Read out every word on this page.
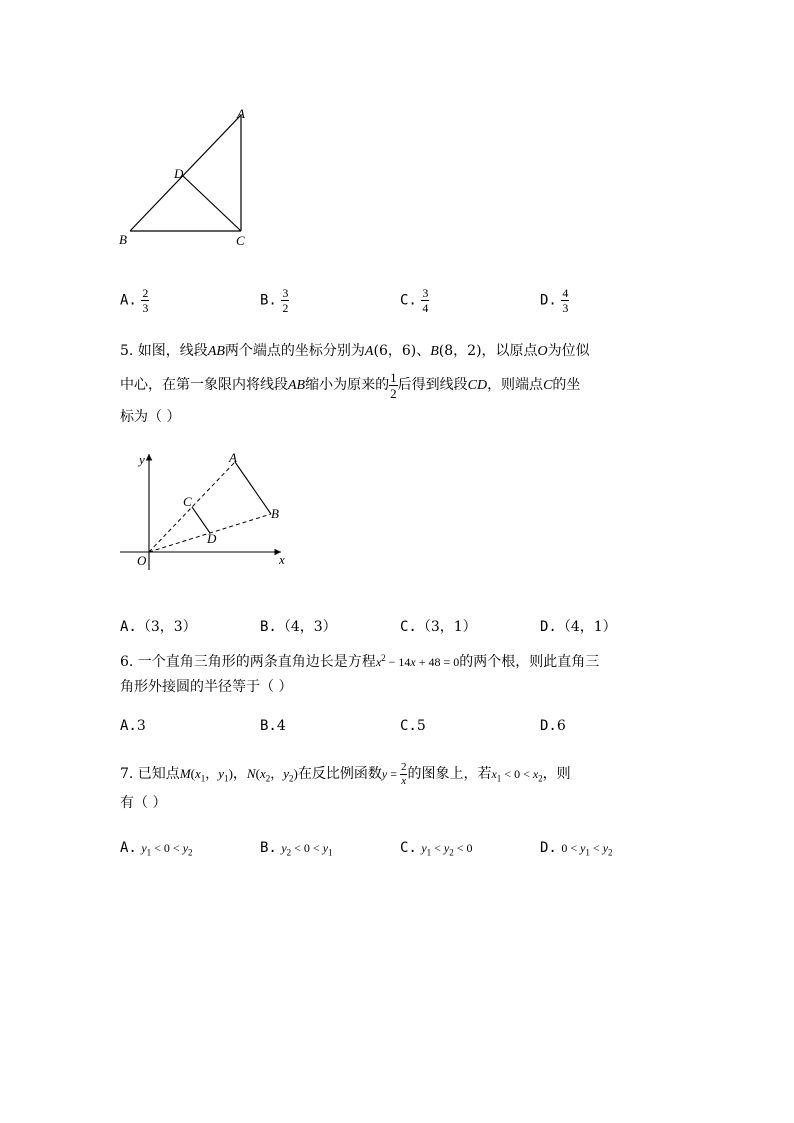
A
B	C
D
A. $\frac{2}{3}$	B. $\frac{3}{2}$	C. $\frac{3}{4}$	D. $\frac{4}{3}$
5. 如图，线段AB两个端点的坐标分别为A(6，6)、B(8，2)，以原点O为位似
中心，在第一象限内将线段AB缩小为原来的 $\frac{1}{2}$ 后得到线段CD，则端点C的坐
标为（ ）
y
x
O
A
B
C
D
A.（3，3）	B.（4，3）	C.（3，1）	D.（4，1）
6. 一个直角三角形的两条直角边长是方程$x^2 - 14x + 48 = 0$的两个根，则此直角三
角形外接圆的半径等于（ ）
A.3	B.4	C.5	D.6
7. 已知点$M(x_1$，$y_1$)，$N(x_2$，$y_2$)在反比例函数$y = \frac{2}{x}$ 的图象上，若$x_1 < 0 < x_2$，则
有（ ）
A. $y_1 < 0 < y_2$	B. $y_2 < 0 < y_1$	C. $y_1 < y_2 < 0$	D. $0 < y_1 < y_2$
